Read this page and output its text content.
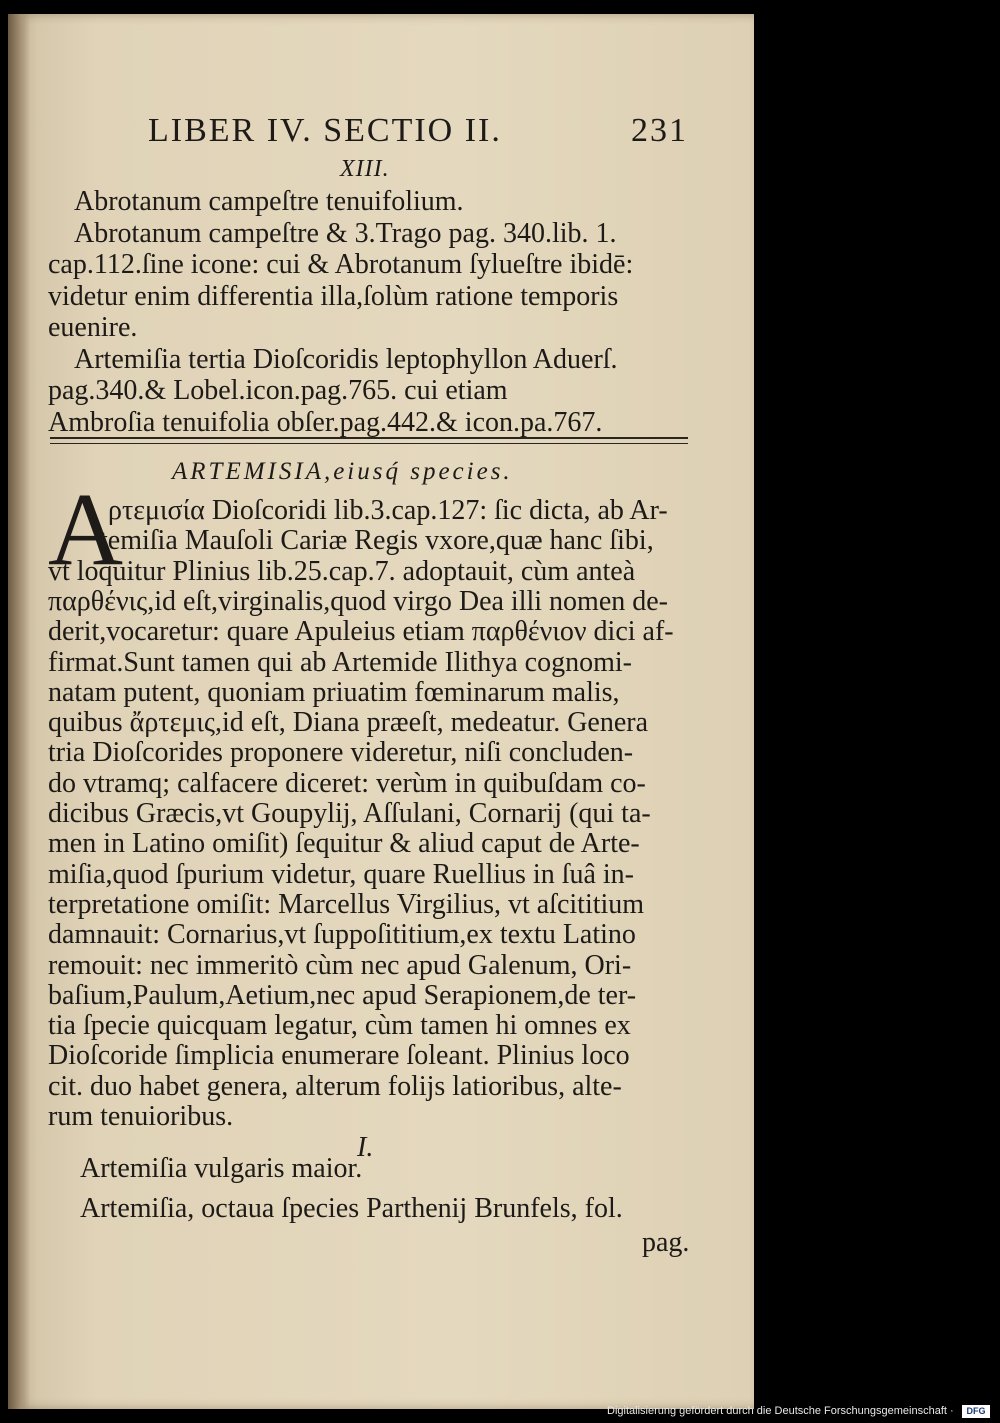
LIBER IV. SECTIO II.	231
XIII.
Abrotanum campeſtre tenuifolium.
Abrotanum campeſtre & 3.Trago pag. 340.lib. 1.
cap.112.ſine icone: cui & Abrotanum ſylueſtre ibidē:
videtur enim differentia illa,ſolùm ratione temporis
euenire.
Artemiſia tertia Dioſcoridis leptophyllon Aduerſ.
pag.340.& Lobel.icon.pag.765. cui etiam
Ambroſia tenuifolia obſer.pag.442.& icon.pa.767.
ARTEMISIA,eiusq́ species.
A
ρτεμισία Dioſcoridi lib.3.cap.127: ſic dicta, ab Ar-
temiſia Mauſoli Cariæ Regis vxore,quæ hanc ſibi,
vt loquitur Plinius lib.25.cap.7. adoptauit, cùm anteà
παρθένις,id eſt,virginalis,quod virgo Dea illi nomen de-
derit,vocaretur: quare Apuleius etiam παρθένιον dici af-
firmat.Sunt tamen qui ab Artemide Ilithya cognomi-
natam putent, quoniam priuatim fœminarum malis,
quibus ἄρτεμις,id eſt, Diana præeſt, medeatur. Genera
tria Dioſcorides proponere videretur, niſi concluden-
do vtramq; calfacere diceret: verùm in quibuſdam co-
dicibus Græcis,vt Goupylij, Aſſulani, Cornarij (qui ta-
men in Latino omiſit) ſequitur & aliud caput de Arte-
miſia,quod ſpurium videtur, quare Ruellius in ſuâ in-
terpretatione omiſit: Marcellus Virgilius, vt aſcititium
damnauit: Cornarius,vt ſuppoſititium,ex textu Latino
remouit: nec immeritò cùm nec apud Galenum, Ori-
baſium,Paulum,Aetium,nec apud Serapionem,de ter-
tia ſpecie quicquam legatur, cùm tamen hi omnes ex
Dioſcoride ſimplicia enumerare ſoleant. Plinius loco
cit. duo habet genera, alterum folijs latioribus, alte-
rum tenuioribus.
I.
Artemiſia vulgaris maior.
Artemiſia, octaua ſpecies Parthenij Brunfels, fol.
pag.
Digitalisierung gefördert durch die Deutsche Forschungsgemeinschaft ·	DFG
